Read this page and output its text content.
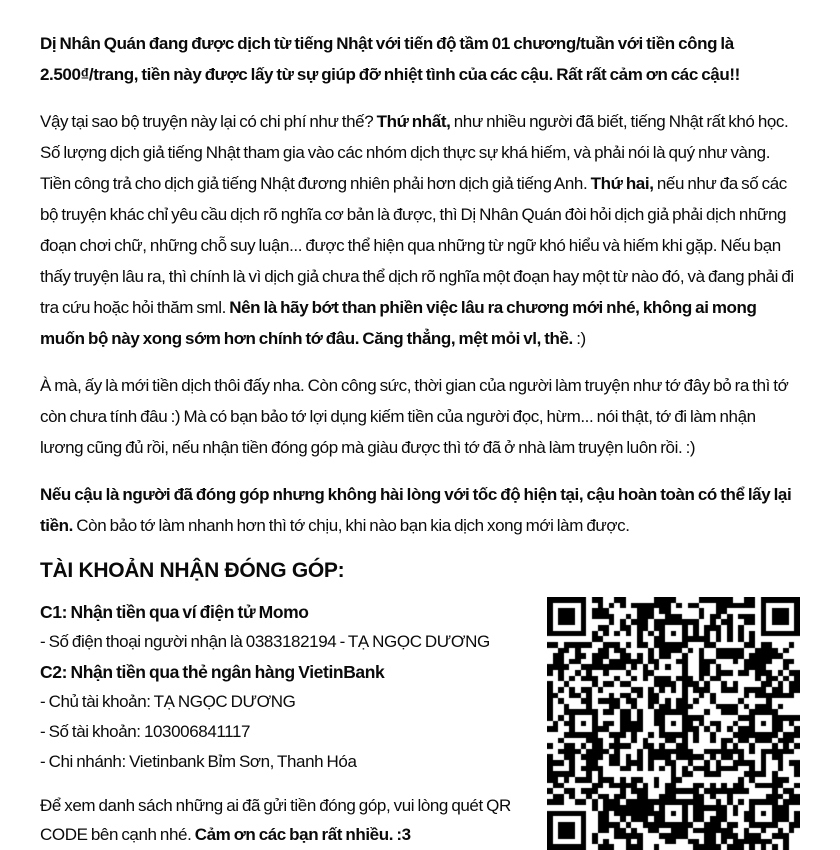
Dị Nhân Quán đang được dịch từ tiếng Nhật với tiến độ tầm 01 chương/tuần với tiền công là 2.500₫/trang, tiền này được lấy từ sự giúp đỡ nhiệt tình của các cậu. Rất rất cảm ơn các cậu!!

Vậy tại sao bộ truyện này lại có chi phí như thế? Thứ nhất, như nhiều người đã biết, tiếng Nhật rất khó học. Số lượng dịch giả tiếng Nhật tham gia vào các nhóm dịch thực sự khá hiếm, và phải nói là quý như vàng. Tiền công trả cho dịch giả tiếng Nhật đương nhiên phải hơn dịch giả tiếng Anh. Thứ hai, nếu như đa số các bộ truyện khác chỉ yêu cầu dịch rõ nghĩa cơ bản là được, thì Dị Nhân Quán đòi hỏi dịch giả phải dịch những đoạn chơi chữ, những chỗ suy luận... được thể hiện qua những từ ngữ khó hiểu và hiếm khi gặp. Nếu bạn thấy truyện lâu ra, thì chính là vì dịch giả chưa thể dịch rõ nghĩa một đoạn hay một từ nào đó, và đang phải đi tra cứu hoặc hỏi thăm sml. Nên là hãy bớt than phiền việc lâu ra chương mới nhé, không ai mong muốn bộ này xong sớm hơn chính tớ đâu. Căng thẳng, mệt mỏi vl, thề. :)

À mà, ấy là mới tiền dịch thôi đấy nha. Còn công sức, thời gian của người làm truyện như tớ đây bỏ ra thì tớ còn chưa tính đâu :) Mà có bạn bảo tớ lợi dụng kiếm tiền của người đọc, hừm... nói thật, tớ đi làm nhận lương cũng đủ rồi, nếu nhận tiền đóng góp mà giàu được thì tớ đã ở nhà làm truyện luôn rồi. :)

Nếu cậu là người đã đóng góp nhưng không hài lòng với tốc độ hiện tại, cậu hoàn toàn có thể lấy lại tiền. Còn bảo tớ làm nhanh hơn thì tớ chịu, khi nào bạn kia dịch xong mới làm được.

TÀI KHOẢN NHẬN ĐÓNG GÓP:
C1: Nhận tiền qua ví điện tử Momo
- Số điện thoại người nhận là 0383182194 - TẠ NGỌC DƯƠNG
C2: Nhận tiền qua thẻ ngân hàng VietinBank
- Chủ tài khoản: TẠ NGỌC DƯƠNG
- Số tài khoản: 103006841117
- Chi nhánh: Vietinbank Bỉm Sơn, Thanh Hóa

Để xem danh sách những ai đã gửi tiền đóng góp, vui lòng quét QR CODE bên cạnh nhé. Cảm ơn các bạn rất nhiều. :3
